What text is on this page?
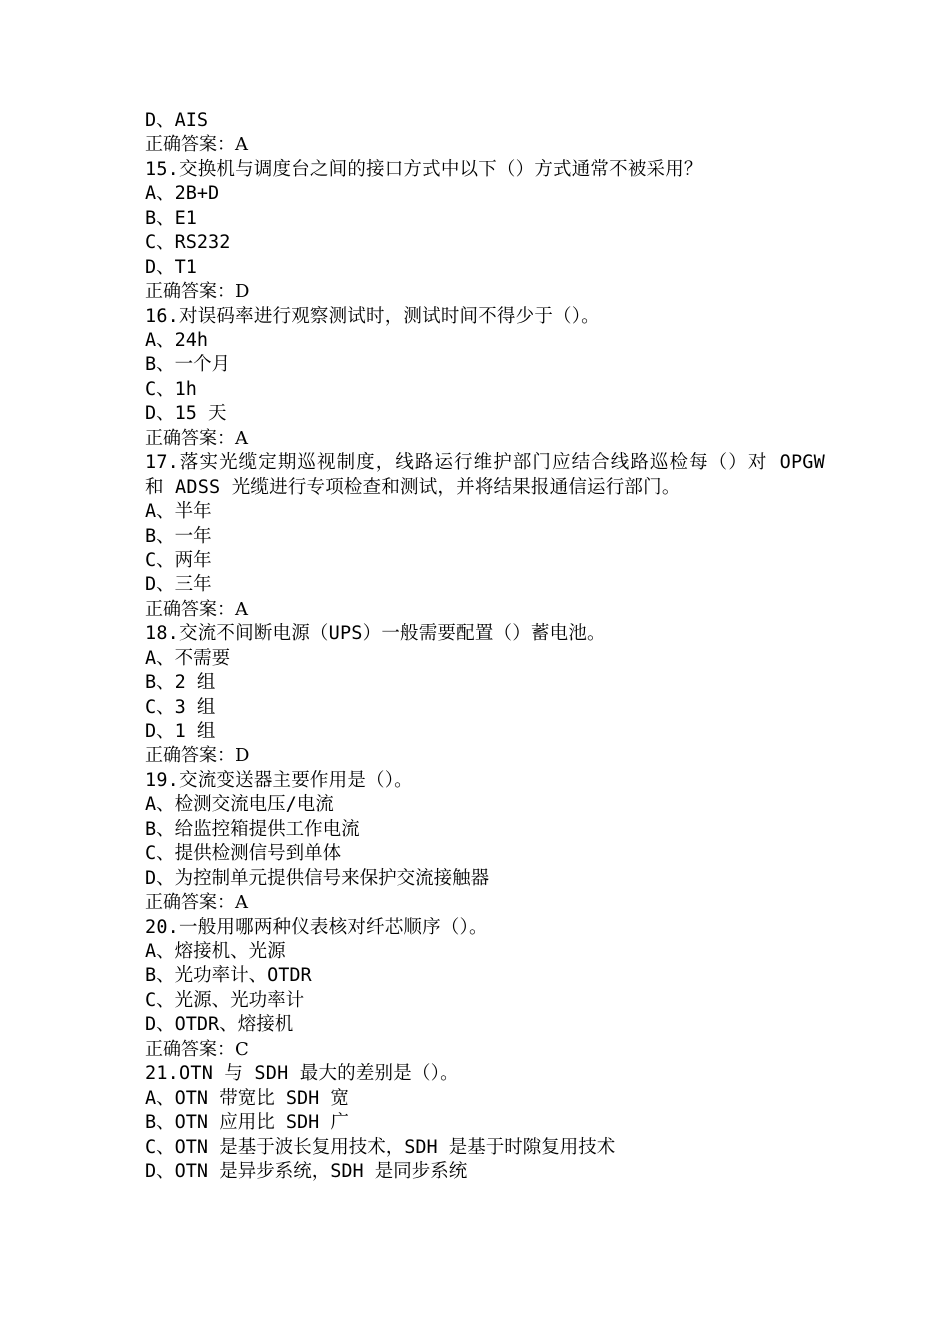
D、AIS
正确答案：A
15.交换机与调度台之间的接口方式中以下（）方式通常不被采用？
A、2B+D
B、E1
C、RS232
D、T1
正确答案：D
16.对误码率进行观察测试时，测试时间不得少于（）。
A、24h
B、一个月
C、1h
D、15 天
正确答案：A
17.落实光缆定期巡视制度，线路运行维护部门应结合线路巡检每（）对 OPGW 和 ADSS 光缆进行专项检查和测试，并将结果报通信运行部门。
A、半年
B、一年
C、两年
D、三年
正确答案：A
18.交流不间断电源（UPS）一般需要配置（）蓄电池。
A、不需要
B、2 组
C、3 组
D、1 组
正确答案：D
19.交流变送器主要作用是（）。
A、检测交流电压/电流
B、给监控箱提供工作电流
C、提供检测信号到单体
D、为控制单元提供信号来保护交流接触器
正确答案：A
20.一般用哪两种仪表核对纤芯顺序（）。
A、熔接机、光源
B、光功率计、OTDR
C、光源、光功率计
D、OTDR、熔接机
正确答案：C
21.OTN 与 SDH 最大的差别是（）。
A、OTN 带宽比 SDH 宽
B、OTN 应用比 SDH 广
C、OTN 是基于波长复用技术，SDH 是基于时隙复用技术
D、OTN 是异步系统，SDH 是同步系统
